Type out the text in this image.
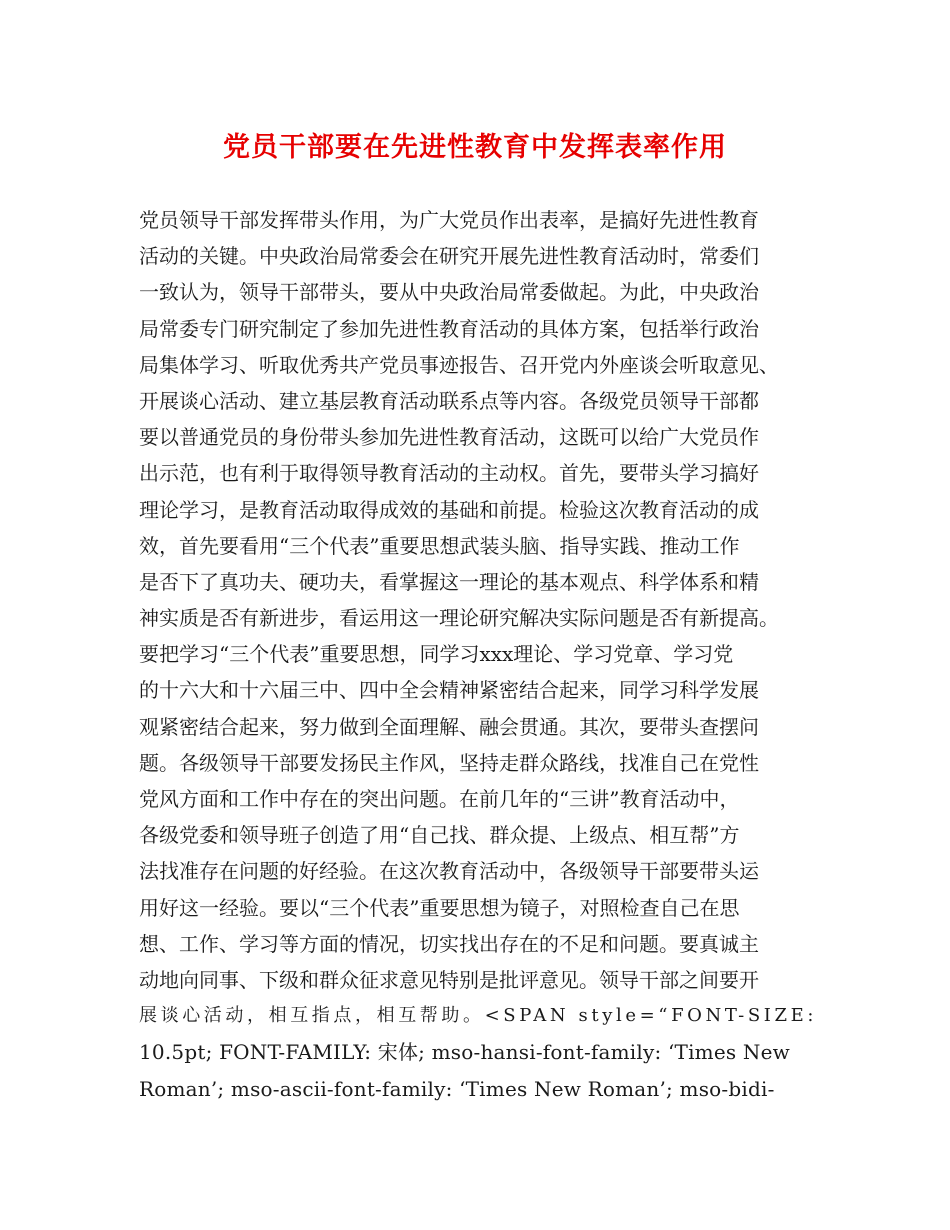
党员干部要在先进性教育中发挥表率作用
党员领导干部发挥带头作用，为广大党员作出表率，是搞好先进性教育
活动的关键。中央政治局常委会在研究开展先进性教育活动时，常委们
一致认为，领导干部带头，要从中央政治局常委做起。为此，中央政治
局常委专门研究制定了参加先进性教育活动的具体方案，包括举行政治
局集体学习、听取优秀共产党员事迹报告、召开党内外座谈会听取意见、
开展谈心活动、建立基层教育活动联系点等内容。各级党员领导干部都
要以普通党员的身份带头参加先进性教育活动，这既可以给广大党员作
出示范，也有利于取得领导教育活动的主动权。首先，要带头学习搞好
理论学习，是教育活动取得成效的基础和前提。检验这次教育活动的成
效，首先要看用“三个代表”重要思想武装头脑、指导实践、推动工作
是否下了真功夫、硬功夫，看掌握这一理论的基本观点、科学体系和精
神实质是否有新进步，看运用这一理论研究解决实际问题是否有新提高。
要把学习“三个代表”重要思想，同学习xxx理论、学习党章、学习党
的十六大和十六届三中、四中全会精神紧密结合起来，同学习科学发展
观紧密结合起来，努力做到全面理解、融会贯通。其次，要带头查摆问
题。各级领导干部要发扬民主作风，坚持走群众路线，找准自己在党性
党风方面和工作中存在的突出问题。在前几年的“三讲”教育活动中，
各级党委和领导班子创造了用“自己找、群众提、上级点、相互帮”方
法找准存在问题的好经验。在这次教育活动中，各级领导干部要带头运
用好这一经验。要以“三个代表”重要思想为镜子，对照检查自己在思
想、工作、学习等方面的情况，切实找出存在的不足和问题。要真诚主
动地向同事、下级和群众征求意见特别是批评意见。领导干部之间要开
展谈心活动，相互指点，相互帮助。<SPAN style=“FONT-SIZE:
10.5pt; FONT-FAMILY: 宋体; mso-hansi-font-family: ‘Times New
Roman’; mso-ascii-font-family: ‘Times New Roman’; mso-bidi-
